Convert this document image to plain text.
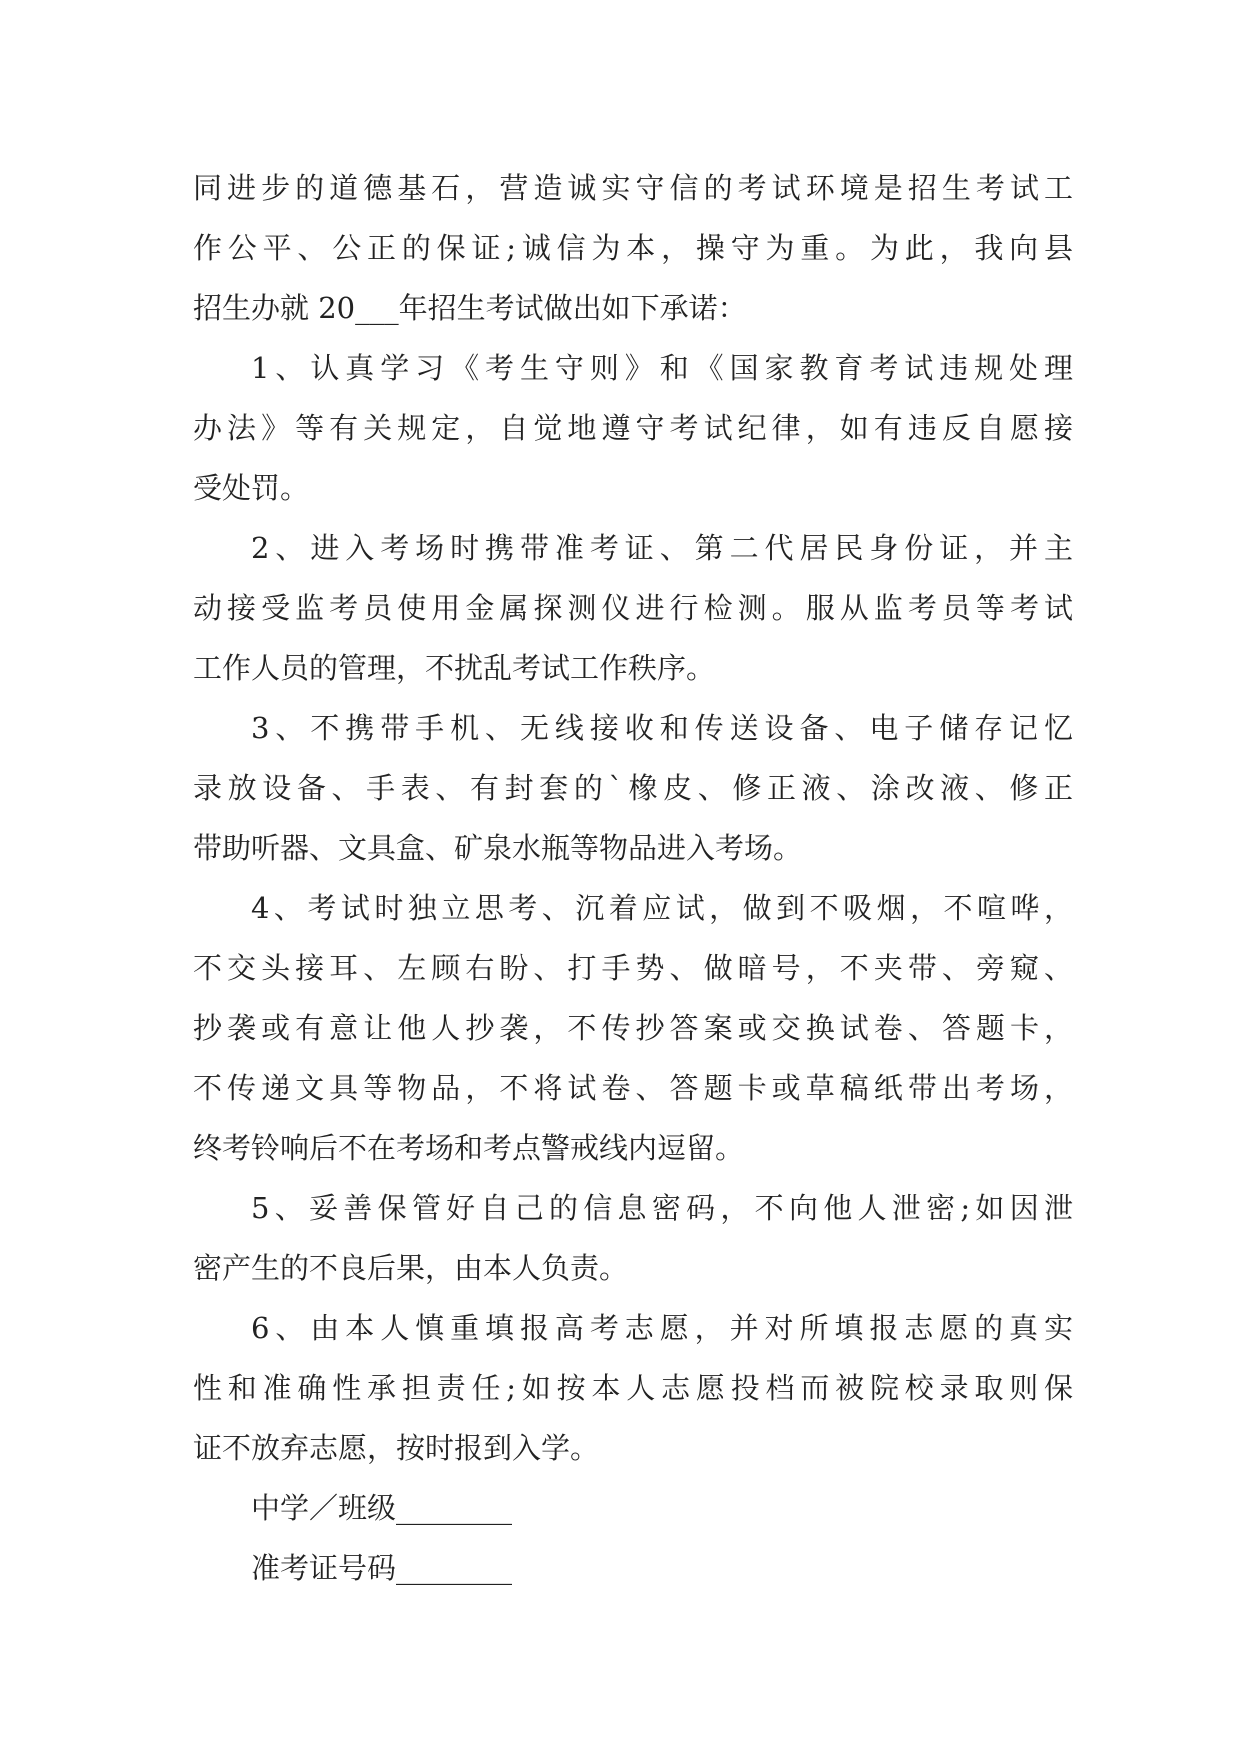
同进步的道德基石，营造诚实守信的考试环境是招生考试工
作公平、公正的保证;诚信为本，操守为重。为此，我向县
招生办就 20___年招生考试做出如下承诺：
1、认真学习《考生守则》和《国家教育考试违规处理
办法》等有关规定，自觉地遵守考试纪律，如有违反自愿接
受处罚。
2、进入考场时携带准考证、第二代居民身份证，并主
动接受监考员使用金属探测仪进行检测。服从监考员等考试
工作人员的管理，不扰乱考试工作秩序。
3、不携带手机、无线接收和传送设备、电子储存记忆
录放设备、手表、有封套的`橡皮、修正液、涂改液、修正
带助听器、文具盒、矿泉水瓶等物品进入考场。
4、考试时独立思考、沉着应试，做到不吸烟，不喧哗，
不交头接耳、左顾右盼、打手势、做暗号，不夹带、旁窥、
抄袭或有意让他人抄袭，不传抄答案或交换试卷、答题卡，
不传递文具等物品，不将试卷、答题卡或草稿纸带出考场，
终考铃响后不在考场和考点警戒线内逗留。
5、妥善保管好自己的信息密码，不向他人泄密;如因泄
密产生的不良后果，由本人负责。
6、由本人慎重填报高考志愿，并对所填报志愿的真实
性和准确性承担责任;如按本人志愿投档而被院校录取则保
证不放弃志愿，按时报到入学。
中学／班级________
准考证号码________
